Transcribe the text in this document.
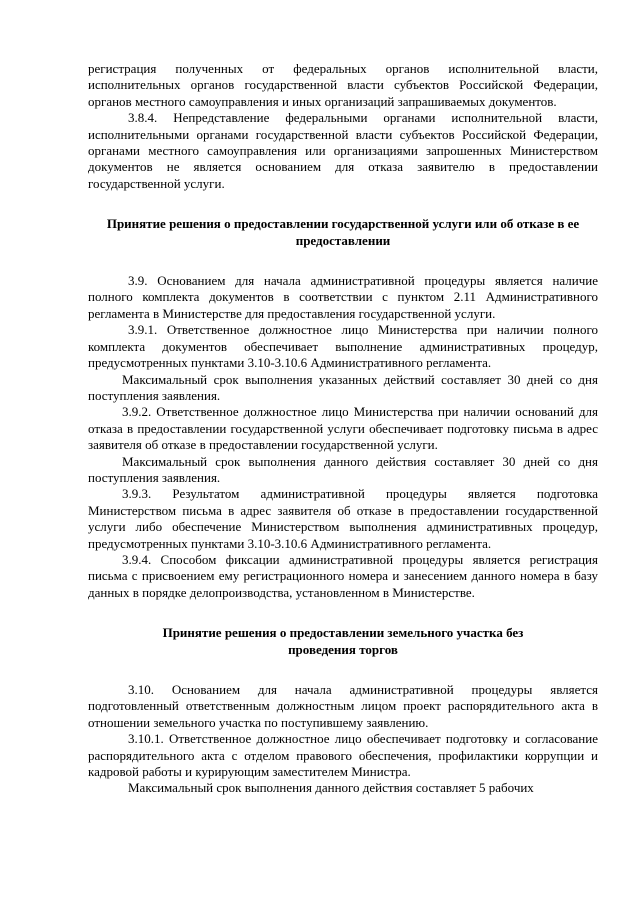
регистрация полученных от федеральных органов исполнительной власти, исполнительных органов государственной власти субъектов Российской Федерации, органов местного самоуправления и иных организаций запрашиваемых документов.

3.8.4. Непредставление федеральными органами исполнительной власти, исполнительными органами государственной власти субъектов Российской Федерации, органами местного самоуправления или организациями запрошенных Министерством документов не является основанием для отказа заявителю в предоставлении государственной услуги.

Принятие решения о предоставлении государственной услуги или об отказе в ее предоставлении

3.9. Основанием для начала административной процедуры является наличие полного комплекта документов в соответствии с пунктом 2.11 Административного регламента в Министерстве для предоставления государственной услуги.

3.9.1. Ответственное должностное лицо Министерства при наличии полного комплекта документов обеспечивает выполнение административных процедур, предусмотренных пунктами 3.10-3.10.6 Административного регламента.

Максимальный срок выполнения указанных действий составляет 30 дней со дня поступления заявления.

3.9.2. Ответственное должностное лицо Министерства при наличии оснований для отказа в предоставлении государственной услуги обеспечивает подготовку письма в адрес заявителя об отказе в предоставлении государственной услуги.

Максимальный срок выполнения данного действия составляет 30 дней со дня поступления заявления.

3.9.3. Результатом административной процедуры является подготовка Министерством письма в адрес заявителя об отказе в предоставлении государственной услуги либо обеспечение Министерством выполнения административных процедур, предусмотренных пунктами 3.10-3.10.6 Административного регламента.

3.9.4. Способом фиксации административной процедуры является регистрация письма с присвоением ему регистрационного номера и занесением данного номера в базу данных в порядке делопроизводства, установленном в Министерстве.

Принятие решения о предоставлении земельного участка без проведения торгов

3.10. Основанием для начала административной процедуры является подготовленный ответственным должностным лицом проект распорядительного акта в отношении земельного участка по поступившему заявлению.

3.10.1. Ответственное должностное лицо обеспечивает подготовку и согласование распорядительного акта с отделом правового обеспечения, профилактики коррупции и кадровой работы и курирующим заместителем Министра.

Максимальный срок выполнения данного действия составляет 5 рабочих
